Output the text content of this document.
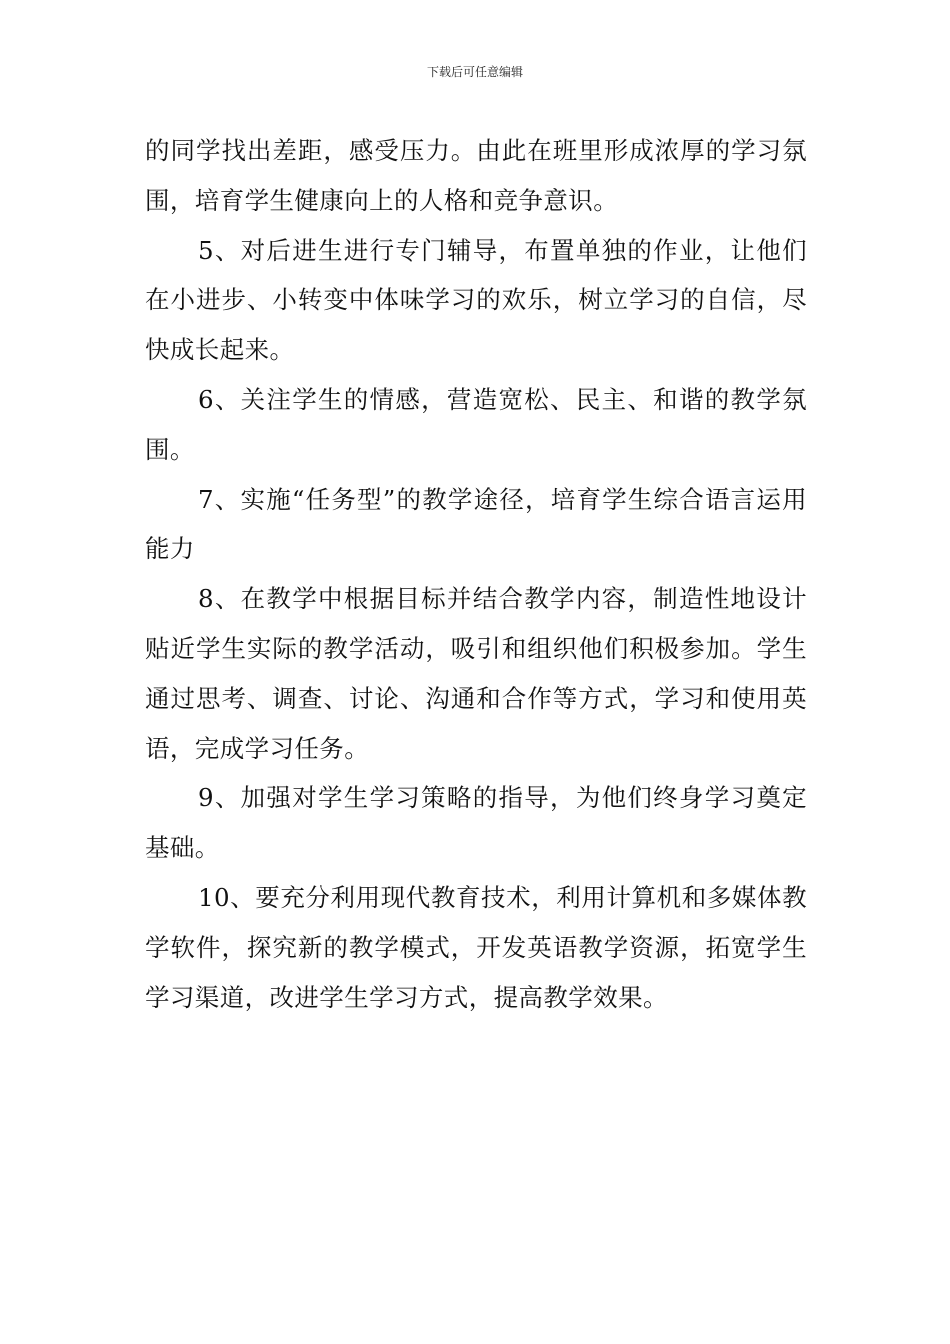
下载后可任意编辑

的同学找出差距，感受压力。由此在班里形成浓厚的学习氛围，培育学生健康向上的人格和竞争意识。

5、对后进生进行专门辅导，布置单独的作业，让他们在小进步、小转变中体味学习的欢乐，树立学习的自信，尽快成长起来。

6、关注学生的情感，营造宽松、民主、和谐的教学氛围。

7、实施“任务型”的教学途径，培育学生综合语言运用能力

8、在教学中根据目标并结合教学内容，制造性地设计贴近学生实际的教学活动，吸引和组织他们积极参加。学生通过思考、调查、讨论、沟通和合作等方式，学习和使用英语，完成学习任务。

9、加强对学生学习策略的指导，为他们终身学习奠定基础。

10、要充分利用现代教育技术，利用计算机和多媒体教学软件，探究新的教学模式，开发英语教学资源，拓宽学生学习渠道，改进学生学习方式，提高教学效果。
